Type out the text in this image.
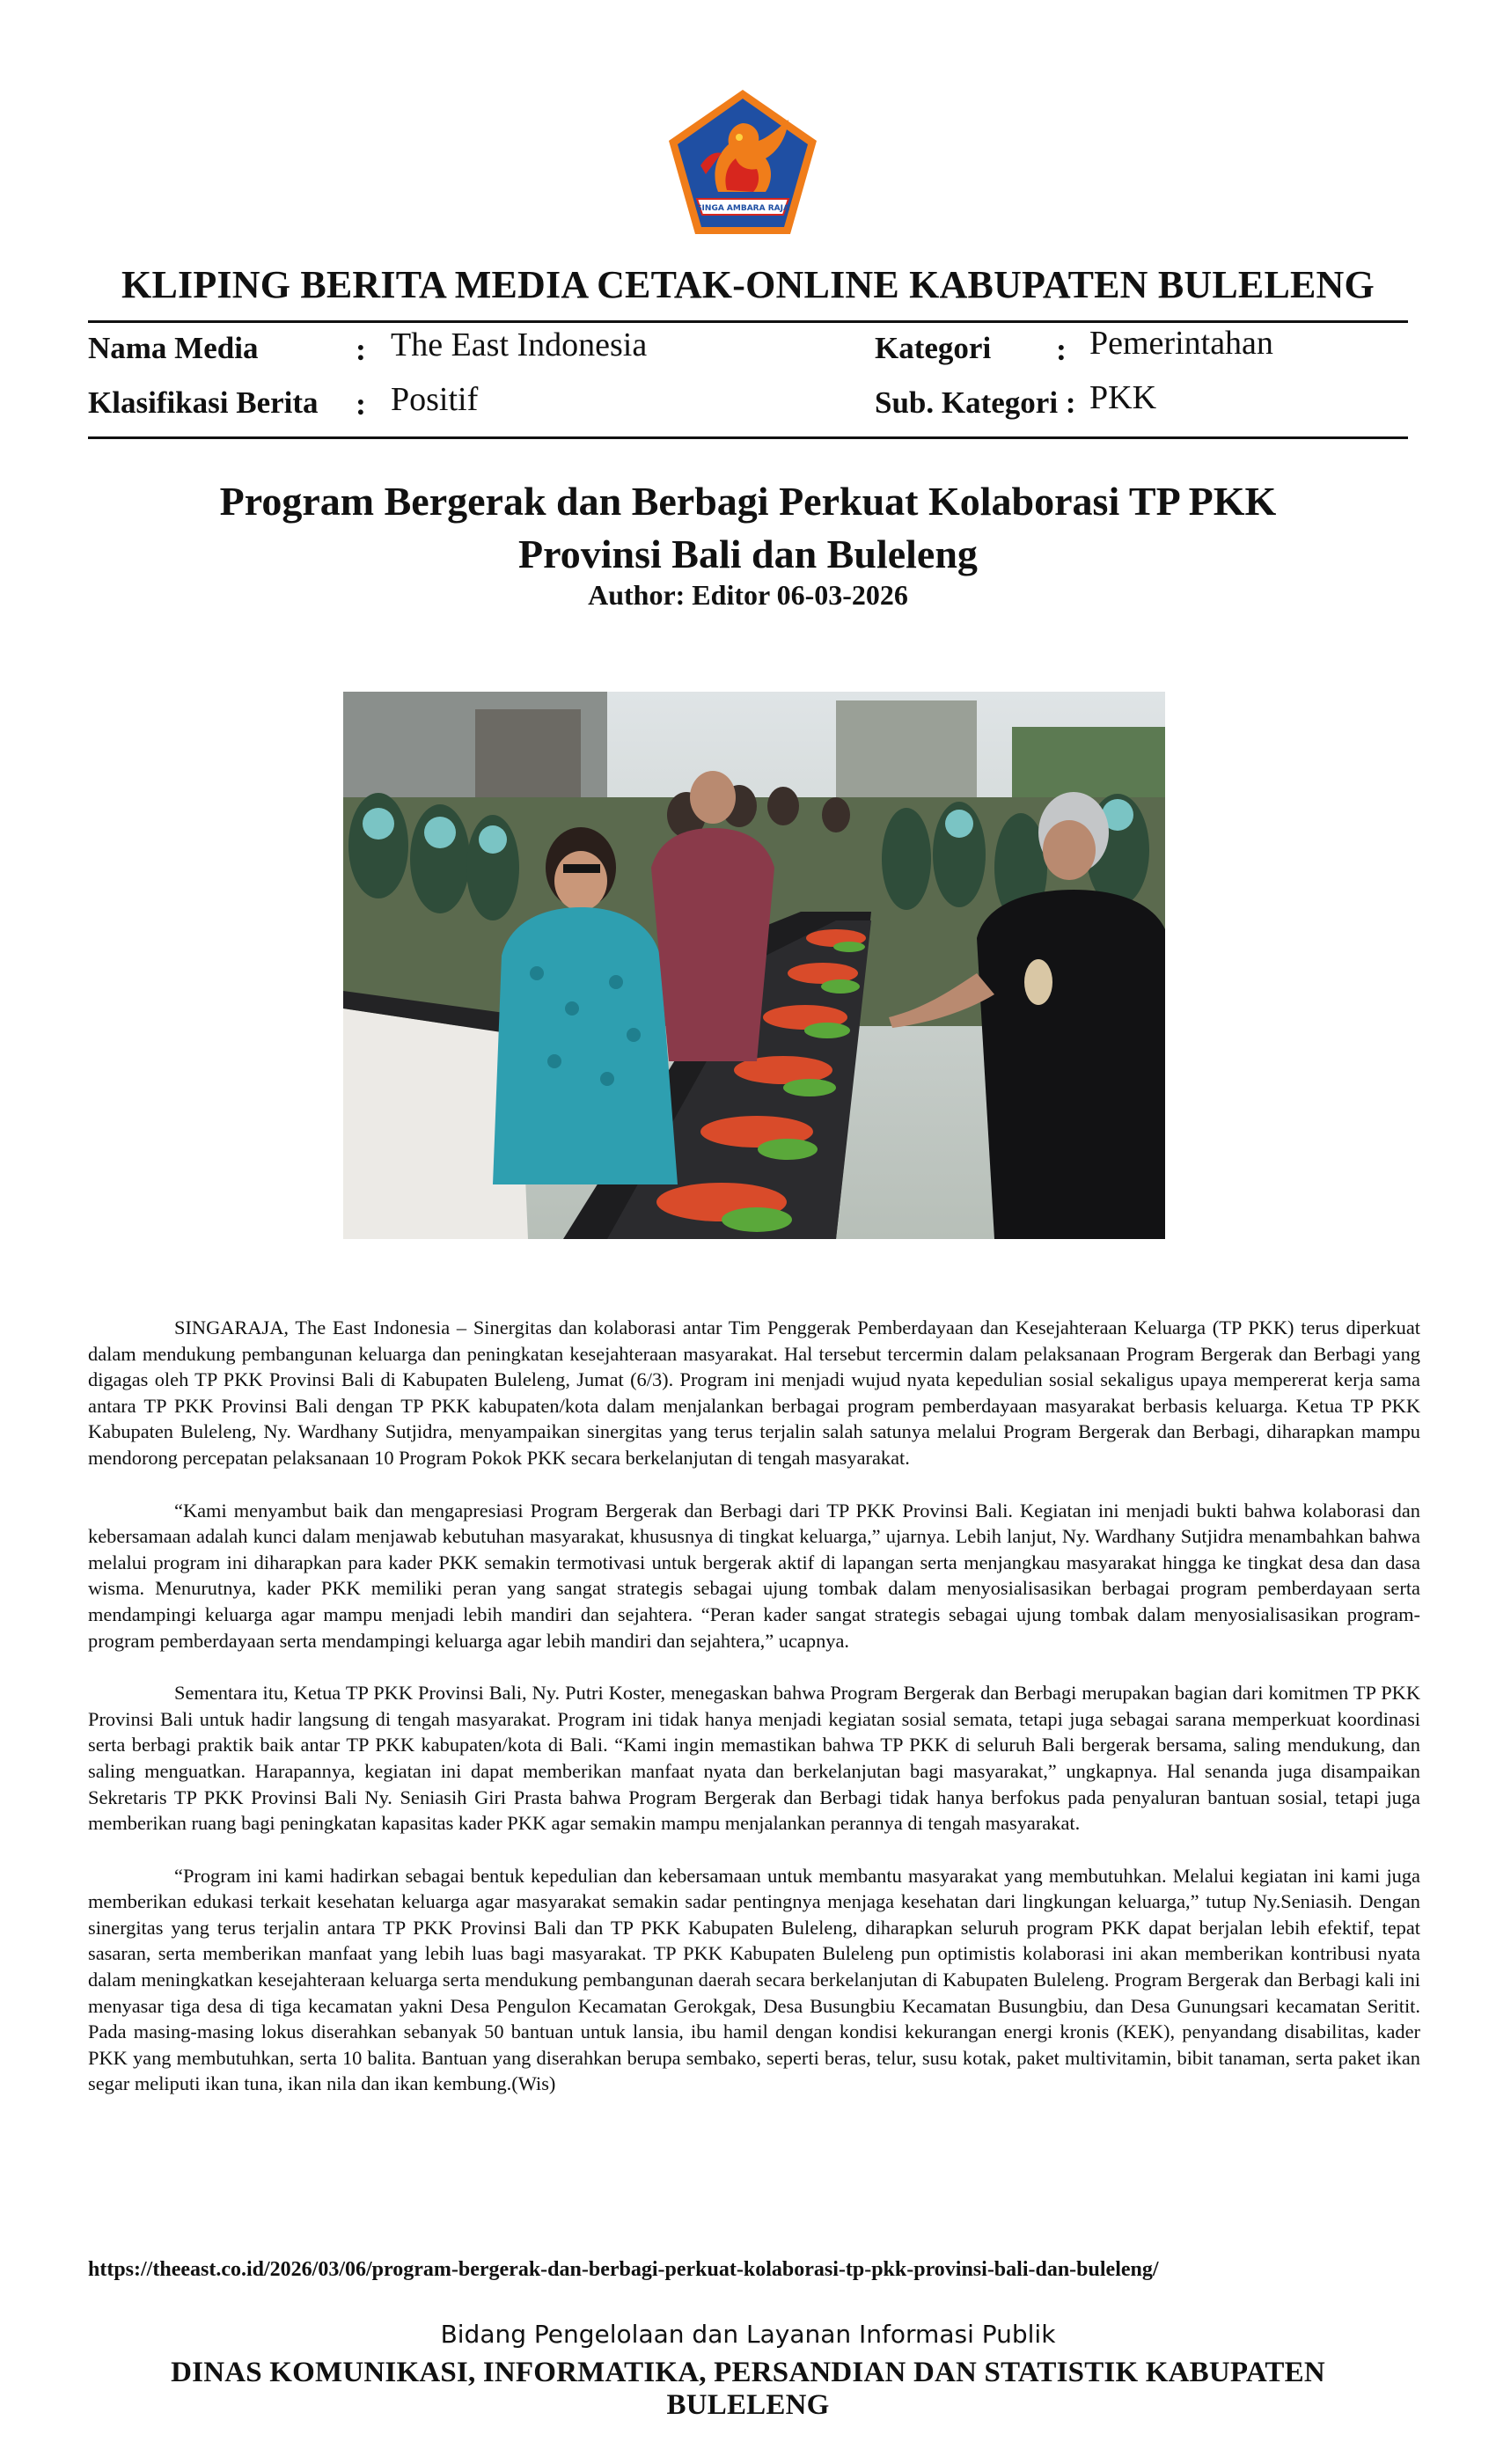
SINGA AMBARA RAJA
KLIPING BERITA MEDIA CETAK-ONLINE KABUPATEN BULELENG
Nama Media	: The East Indonesia
Klasifikasi Berita : Positif
Kategori : Pemerintahan
Sub. Kategori : PKK
Program Bergerak dan Berbagi Perkuat Kolaborasi TP PKK
Provinsi Bali dan Buleleng
Author: Editor 06-03-2026

SINGARAJA, The East Indonesia – Sinergitas dan kolaborasi antar Tim Penggerak Pemberdayaan dan Kesejahteraan Keluarga (TP PKK) terus diperkuat dalam mendukung pembangunan keluarga dan peningkatan kesejahteraan masyarakat. Hal tersebut tercermin dalam pelaksanaan Program Bergerak dan Berbagi yang digagas oleh TP PKK Provinsi Bali di Kabupaten Buleleng, Jumat (6/3). Program ini menjadi wujud nyata kepedulian sosial sekaligus upaya mempererat kerja sama antara TP PKK Provinsi Bali dengan TP PKK kabupaten/kota dalam menjalankan berbagai program pemberdayaan masyarakat berbasis keluarga. Ketua TP PKK Kabupaten Buleleng, Ny. Wardhany Sutjidra, menyampaikan sinergitas yang terus terjalin salah satunya melalui Program Bergerak dan Berbagi, diharapkan mampu mendorong percepatan pelaksanaan 10 Program Pokok PKK secara berkelanjutan di tengah masyarakat.

“Kami menyambut baik dan mengapresiasi Program Bergerak dan Berbagi dari TP PKK Provinsi Bali. Kegiatan ini menjadi bukti bahwa kolaborasi dan kebersamaan adalah kunci dalam menjawab kebutuhan masyarakat, khususnya di tingkat keluarga,” ujarnya. Lebih lanjut, Ny. Wardhany Sutjidra menambahkan bahwa melalui program ini diharapkan para kader PKK semakin termotivasi untuk bergerak aktif di lapangan serta menjangkau masyarakat hingga ke tingkat desa dan dasa wisma. Menurutnya, kader PKK memiliki peran yang sangat strategis sebagai ujung tombak dalam menyosialisasikan berbagai program pemberdayaan serta mendampingi keluarga agar mampu menjadi lebih mandiri dan sejahtera. “Peran kader sangat strategis sebagai ujung tombak dalam menyosialisasikan program-program pemberdayaan serta mendampingi keluarga agar lebih mandiri dan sejahtera,” ucapnya.

Sementara itu, Ketua TP PKK Provinsi Bali, Ny. Putri Koster, menegaskan bahwa Program Bergerak dan Berbagi merupakan bagian dari komitmen TP PKK Provinsi Bali untuk hadir langsung di tengah masyarakat. Program ini tidak hanya menjadi kegiatan sosial semata, tetapi juga sebagai sarana memperkuat koordinasi serta berbagi praktik baik antar TP PKK kabupaten/kota di Bali. “Kami ingin memastikan bahwa TP PKK di seluruh Bali bergerak bersama, saling mendukung, dan saling menguatkan. Harapannya, kegiatan ini dapat memberikan manfaat nyata dan berkelanjutan bagi masyarakat,” ungkapnya. Hal senanda juga disampaikan Sekretaris TP PKK Provinsi Bali Ny. Seniasih Giri Prasta bahwa Program Bergerak dan Berbagi tidak hanya berfokus pada penyaluran bantuan sosial, tetapi juga memberikan ruang bagi peningkatan kapasitas kader PKK agar semakin mampu menjalankan perannya di tengah masyarakat.

“Program ini kami hadirkan sebagai bentuk kepedulian dan kebersamaan untuk membantu masyarakat yang membutuhkan. Melalui kegiatan ini kami juga memberikan edukasi terkait kesehatan keluarga agar masyarakat semakin sadar pentingnya menjaga kesehatan dari lingkungan keluarga,” tutup Ny.Seniasih. Dengan sinergitas yang terus terjalin antara TP PKK Provinsi Bali dan TP PKK Kabupaten Buleleng, diharapkan seluruh program PKK dapat berjalan lebih efektif, tepat sasaran, serta memberikan manfaat yang lebih luas bagi masyarakat. TP PKK Kabupaten Buleleng pun optimistis kolaborasi ini akan memberikan kontribusi nyata dalam meningkatkan kesejahteraan keluarga serta mendukung pembangunan daerah secara berkelanjutan di Kabupaten Buleleng. Program Bergerak dan Berbagi kali ini menyasar tiga desa di tiga kecamatan yakni Desa Pengulon Kecamatan Gerokgak, Desa Busungbiu Kecamatan Busungbiu, dan Desa Gunungsari kecamatan Seritit. Pada masing-masing lokus diserahkan sebanyak 50 bantuan untuk lansia, ibu hamil dengan kondisi kekurangan energi kronis (KEK), penyandang disabilitas, kader PKK yang membutuhkan, serta 10 balita. Bantuan yang diserahkan berupa sembako, seperti beras, telur, susu kotak, paket multivitamin, bibit tanaman, serta paket ikan segar meliputi ikan tuna, ikan nila dan ikan kembung.(Wis)

https://theeast.co.id/2026/03/06/program-bergerak-dan-berbagi-perkuat-kolaborasi-tp-pkk-provinsi-bali-dan-buleleng/
Bidang Pengelolaan dan Layanan Informasi Publik
DINAS KOMUNIKASI, INFORMATIKA, PERSANDIAN DAN STATISTIK KABUPATEN BULELENG
